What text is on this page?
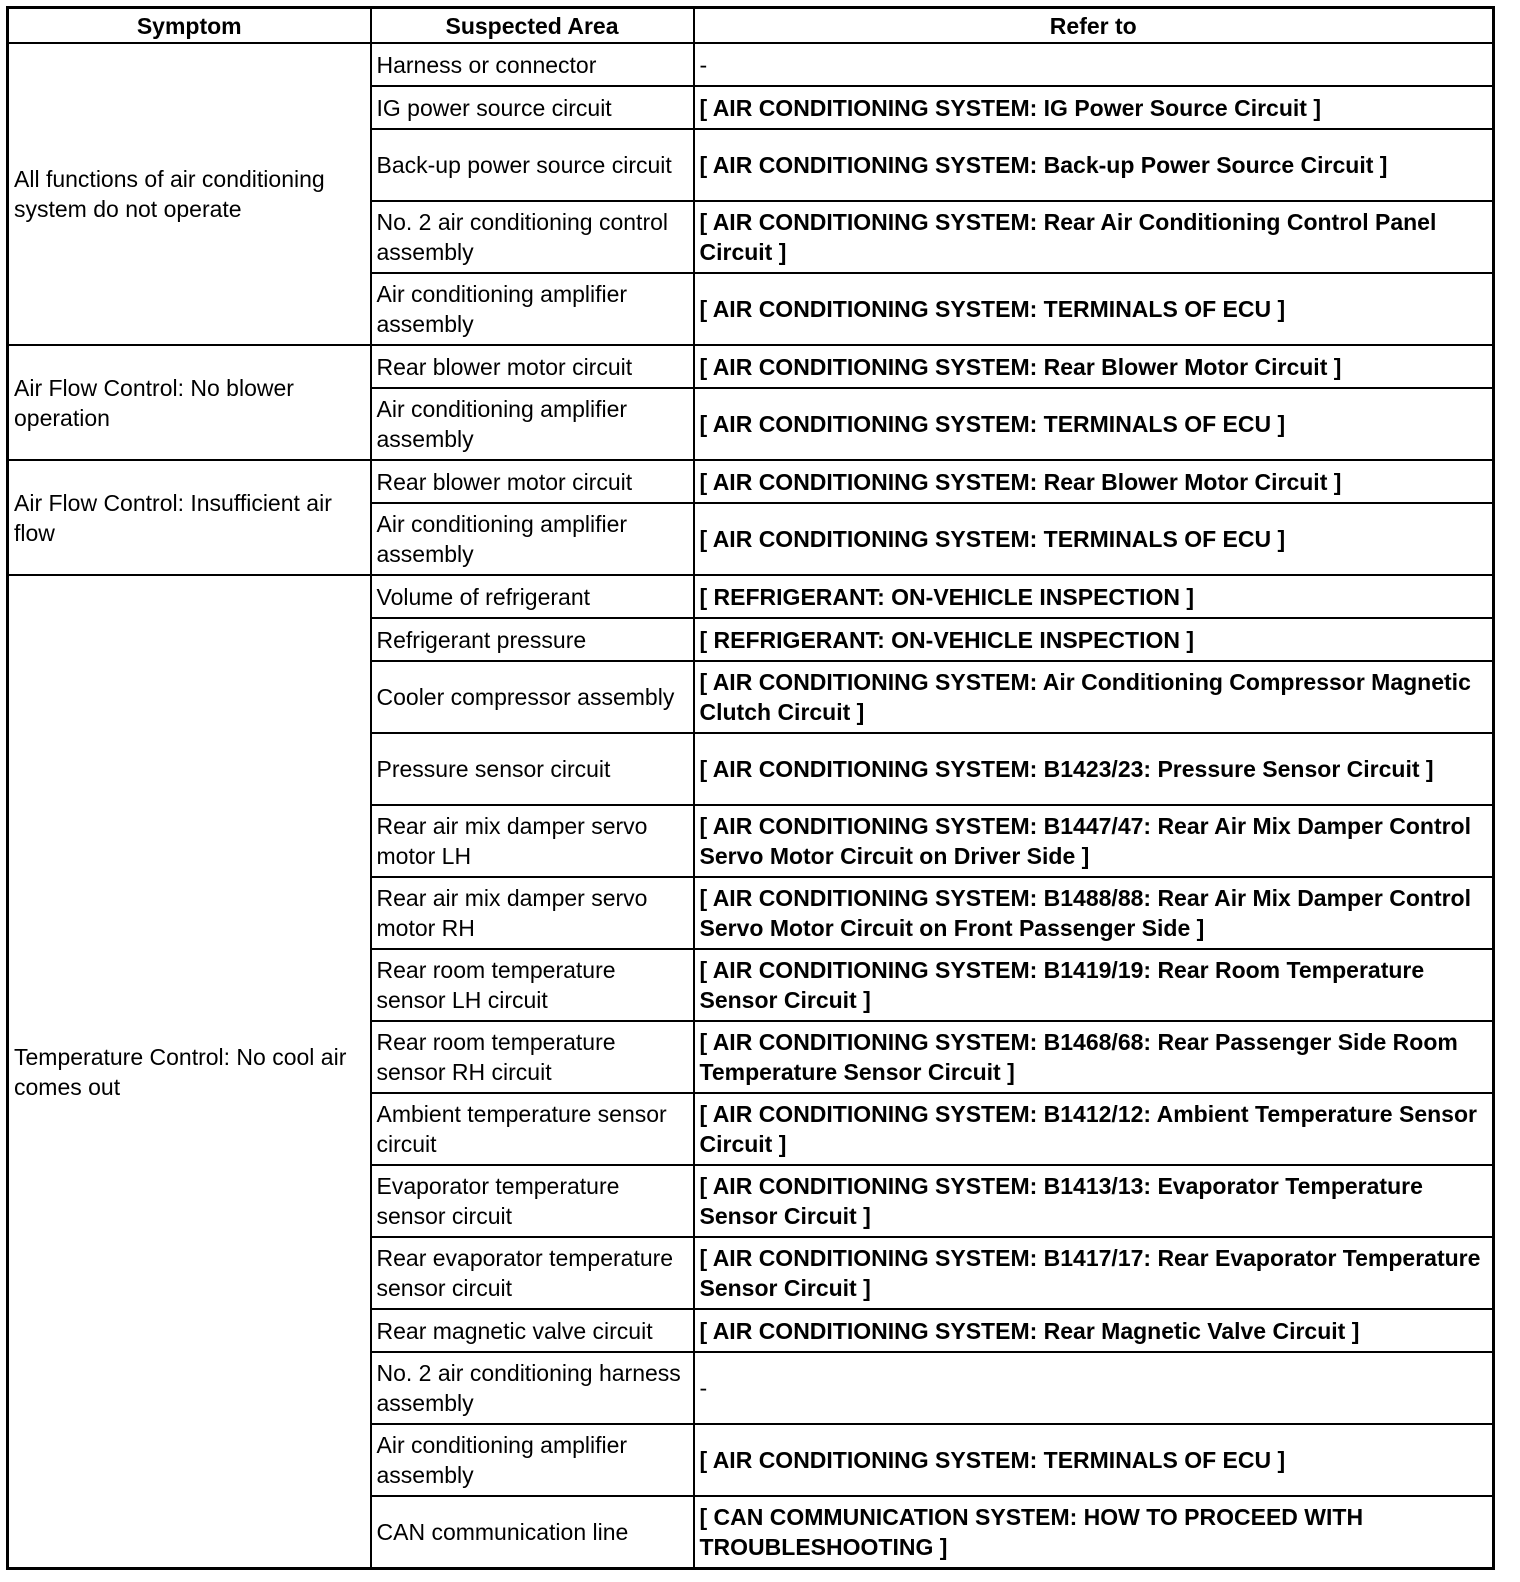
Symptom	Suspected Area	Refer to
All functions of air conditioning system do not operate	Harness or connector	-
	IG power source circuit	[ AIR CONDITIONING SYSTEM: IG Power Source Circuit ]
	Back-up power source circuit	[ AIR CONDITIONING SYSTEM: Back-up Power Source Circuit ]
	No. 2 air conditioning control assembly	[ AIR CONDITIONING SYSTEM: Rear Air Conditioning Control Panel Circuit ]
	Air conditioning amplifier assembly	[ AIR CONDITIONING SYSTEM: TERMINALS OF ECU ]
Air Flow Control: No blower operation	Rear blower motor circuit	[ AIR CONDITIONING SYSTEM: Rear Blower Motor Circuit ]
	Air conditioning amplifier assembly	[ AIR CONDITIONING SYSTEM: TERMINALS OF ECU ]
Air Flow Control: Insufficient air flow	Rear blower motor circuit	[ AIR CONDITIONING SYSTEM: Rear Blower Motor Circuit ]
	Air conditioning amplifier assembly	[ AIR CONDITIONING SYSTEM: TERMINALS OF ECU ]
Temperature Control: No cool air comes out	Volume of refrigerant	[ REFRIGERANT: ON-VEHICLE INSPECTION ]
	Refrigerant pressure	[ REFRIGERANT: ON-VEHICLE INSPECTION ]
	Cooler compressor assembly	[ AIR CONDITIONING SYSTEM: Air Conditioning Compressor Magnetic Clutch Circuit ]
	Pressure sensor circuit	[ AIR CONDITIONING SYSTEM: B1423/23: Pressure Sensor Circuit ]
	Rear air mix damper servo motor LH	[ AIR CONDITIONING SYSTEM: B1447/47: Rear Air Mix Damper Control Servo Motor Circuit on Driver Side ]
	Rear air mix damper servo motor RH	[ AIR CONDITIONING SYSTEM: B1488/88: Rear Air Mix Damper Control Servo Motor Circuit on Front Passenger Side ]
	Rear room temperature sensor LH circuit	[ AIR CONDITIONING SYSTEM: B1419/19: Rear Room Temperature Sensor Circuit ]
	Rear room temperature sensor RH circuit	[ AIR CONDITIONING SYSTEM: B1468/68: Rear Passenger Side Room Temperature Sensor Circuit ]
	Ambient temperature sensor circuit	[ AIR CONDITIONING SYSTEM: B1412/12: Ambient Temperature Sensor Circuit ]
	Evaporator temperature sensor circuit	[ AIR CONDITIONING SYSTEM: B1413/13: Evaporator Temperature Sensor Circuit ]
	Rear evaporator temperature sensor circuit	[ AIR CONDITIONING SYSTEM: B1417/17: Rear Evaporator Temperature Sensor Circuit ]
	Rear magnetic valve circuit	[ AIR CONDITIONING SYSTEM: Rear Magnetic Valve Circuit ]
	No. 2 air conditioning harness assembly	-
	Air conditioning amplifier assembly	[ AIR CONDITIONING SYSTEM: TERMINALS OF ECU ]
	CAN communication line	[ CAN COMMUNICATION SYSTEM: HOW TO PROCEED WITH TROUBLESHOOTING ]
